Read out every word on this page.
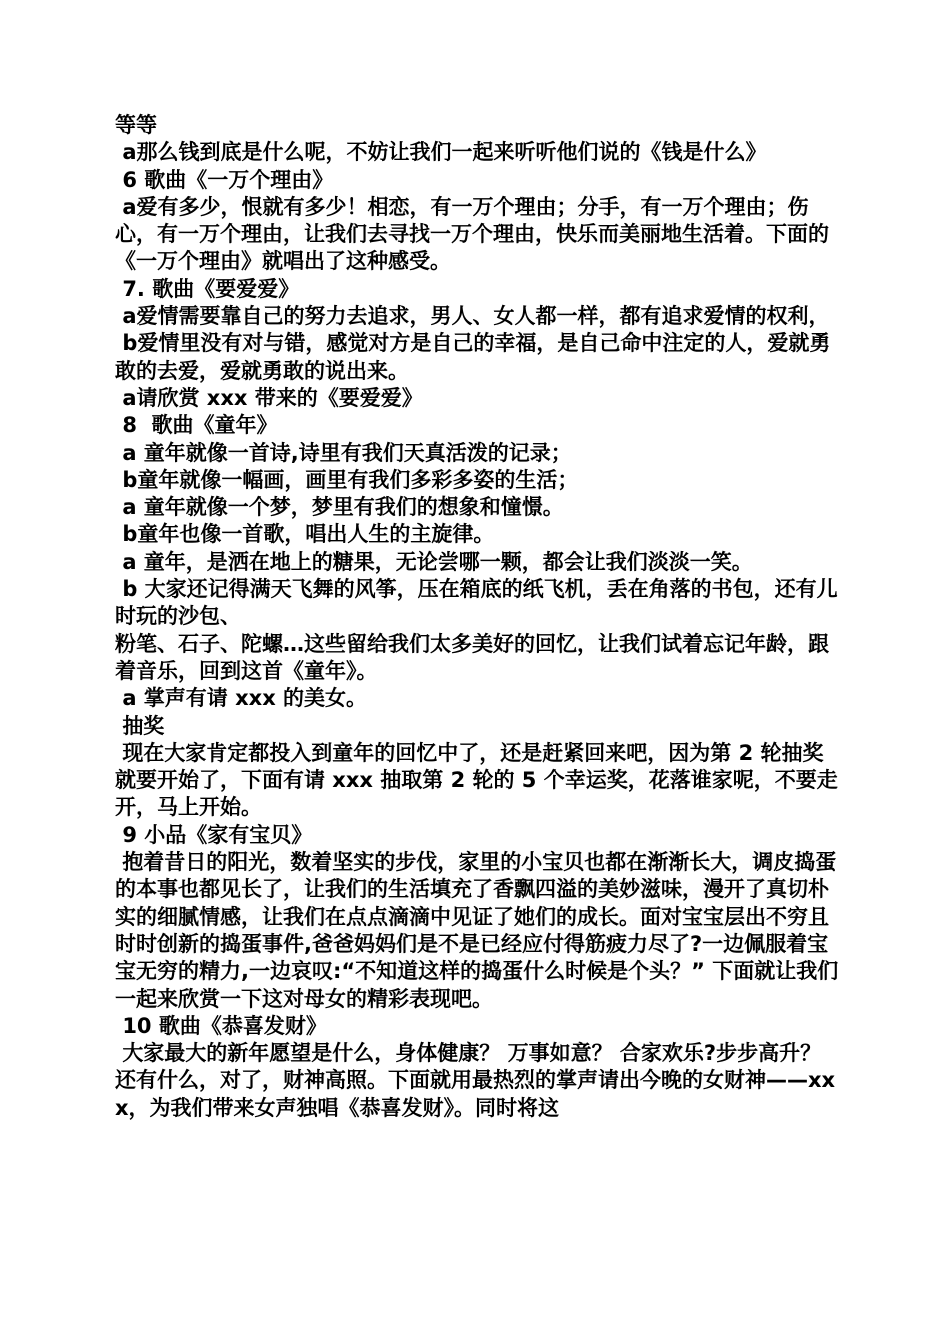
等等
a那么钱到底是什么呢，不妨让我们一起来听听他们说的《钱是什么》
6 歌曲《一万个理由》
a爱有多少，恨就有多少！相恋，有一万个理由；分手，有一万个理由；伤心，有一万个理由，让我们去寻找一万个理由，快乐而美丽地生活着。下面的《一万个理由》就唱出了这种感受。
7. 歌曲《要爱爱》
a爱情需要靠自己的努力去追求，男人、女人都一样，都有追求爱情的权利，
b爱情里没有对与错，感觉对方是自己的幸福，是自己命中注定的人，爱就勇敢的去爱，爱就勇敢的说出来。
a请欣赏 xxx 带来的《要爱爱》
8  歌曲《童年》
a 童年就像一首诗,诗里有我们天真活泼的记录；
b童年就像一幅画，画里有我们多彩多姿的生活；
a 童年就像一个梦，梦里有我们的想象和憧憬。
b童年也像一首歌，唱出人生的主旋律。
a 童年，是洒在地上的糖果，无论尝哪一颗，都会让我们淡淡一笑。
b 大家还记得满天飞舞的风筝，压在箱底的纸飞机，丢在角落的书包，还有儿时玩的沙包、
粉笔、石子、陀螺…这些留给我们太多美好的回忆，让我们试着忘记年龄，跟着音乐，回到这首《童年》。
a 掌声有请 xxx 的美女。
抽奖
现在大家肯定都投入到童年的回忆中了，还是赶紧回来吧，因为第 2 轮抽奖就要开始了，下面有请 xxx 抽取第 2 轮的 5 个幸运奖，花落谁家呢，不要走开，马上开始。
9 小品《家有宝贝》
抱着昔日的阳光，数着坚实的步伐，家里的小宝贝也都在渐渐长大，调皮捣蛋的本事也都见长了，让我们的生活填充了香飘四溢的美妙滋味，漫开了真切朴实的细腻情感，让我们在点点滴滴中见证了她们的成长。面对宝宝层出不穷且时时创新的捣蛋事件,爸爸妈妈们是不是已经应付得筋疲力尽了?一边佩服着宝宝无穷的精力,一边哀叹:“不知道这样的捣蛋什么时候是个头？” 下面就让我们一起来欣赏一下这对母女的精彩表现吧。
10 歌曲《恭喜发财》
大家最大的新年愿望是什么，身体健康？ 万事如意？ 合家欢乐?步步高升？ 还有什么，对了，财神高照。下面就用最热烈的掌声请出今晚的女财神——xxx，为我们带来女声独唱《恭喜发财》。同时将这
